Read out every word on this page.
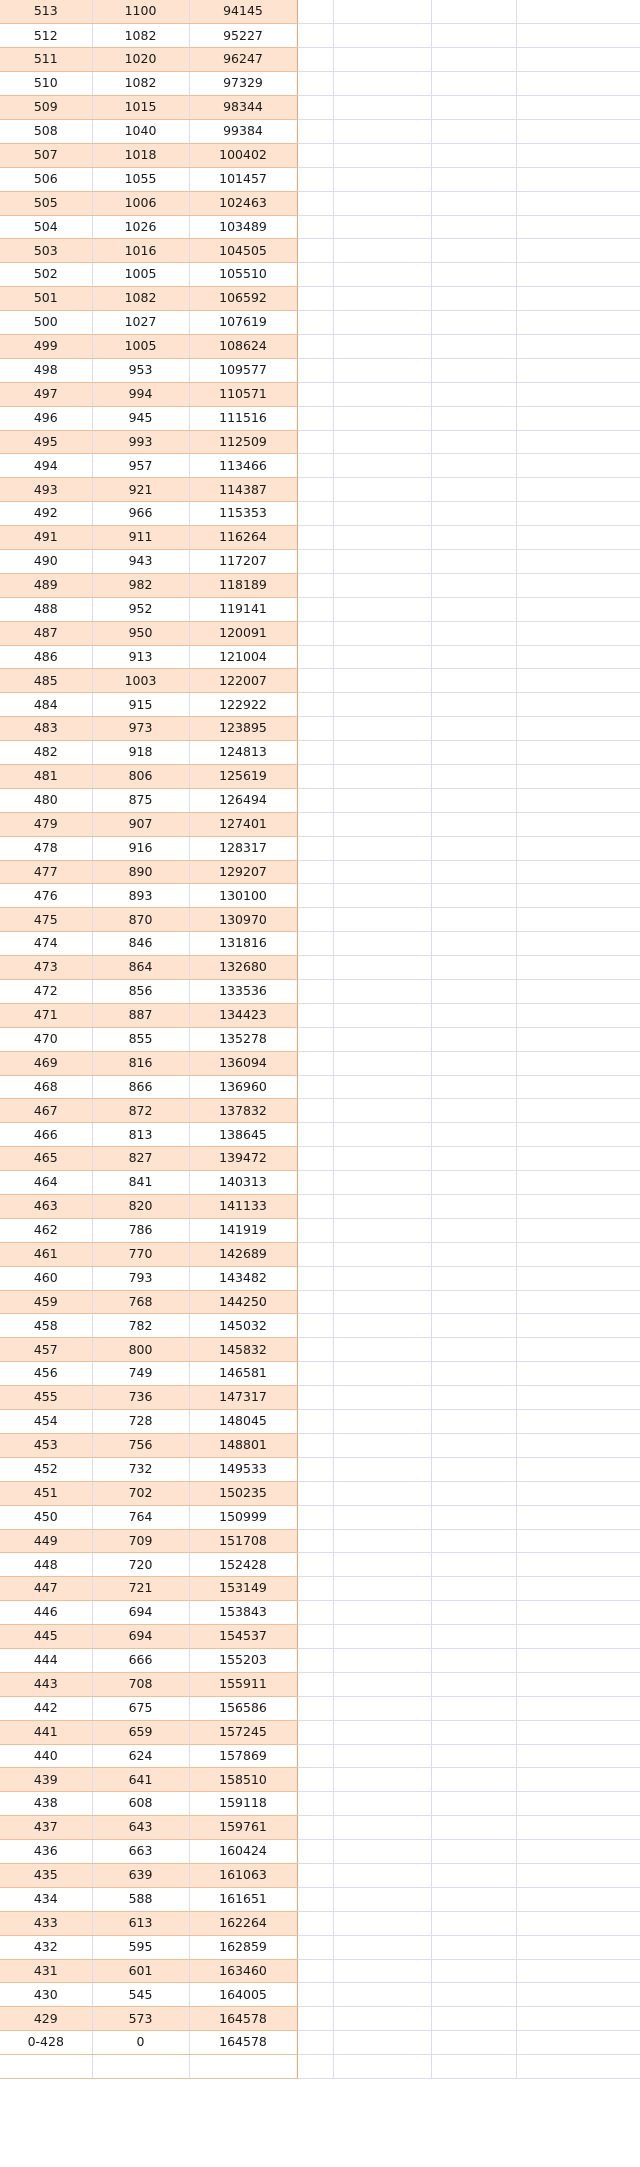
513	1100	94145				
512	1082	95227				
511	1020	96247				
510	1082	97329				
509	1015	98344				
508	1040	99384				
507	1018	100402				
506	1055	101457				
505	1006	102463				
504	1026	103489				
503	1016	104505				
502	1005	105510				
501	1082	106592				
500	1027	107619				
499	1005	108624				
498	953	109577				
497	994	110571				
496	945	111516				
495	993	112509				
494	957	113466				
493	921	114387				
492	966	115353				
491	911	116264				
490	943	117207				
489	982	118189				
488	952	119141				
487	950	120091				
486	913	121004				
485	1003	122007				
484	915	122922				
483	973	123895				
482	918	124813				
481	806	125619				
480	875	126494				
479	907	127401				
478	916	128317				
477	890	129207				
476	893	130100				
475	870	130970				
474	846	131816				
473	864	132680				
472	856	133536				
471	887	134423				
470	855	135278				
469	816	136094				
468	866	136960				
467	872	137832				
466	813	138645				
465	827	139472				
464	841	140313				
463	820	141133				
462	786	141919				
461	770	142689				
460	793	143482				
459	768	144250				
458	782	145032				
457	800	145832				
456	749	146581				
455	736	147317				
454	728	148045				
453	756	148801				
452	732	149533				
451	702	150235				
450	764	150999				
449	709	151708				
448	720	152428				
447	721	153149				
446	694	153843				
445	694	154537				
444	666	155203				
443	708	155911				
442	675	156586				
441	659	157245				
440	624	157869				
439	641	158510				
438	608	159118				
437	643	159761				
436	663	160424				
435	639	161063				
434	588	161651				
433	613	162264				
432	595	162859				
431	601	163460				
430	545	164005				
429	573	164578				
0-428	0	164578				
